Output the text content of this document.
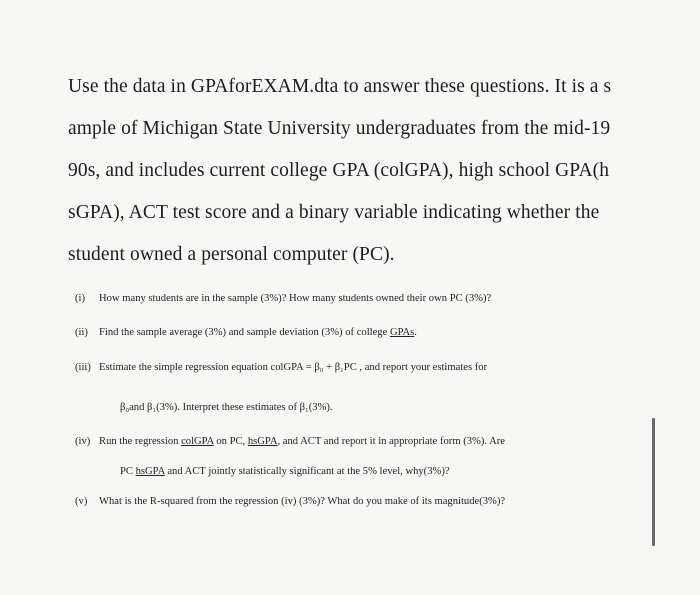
Use the data in GPAforEXAM.dta to answer these questions. It is a s
ample of Michigan State University undergraduates from the mid-19
90s, and includes current college GPA (colGPA), high school GPA(h
sGPA), ACT test score and a binary variable indicating whether the
student owned a personal computer (PC).
(i) How many students are in the sample (3%)? How many students owned their own PC (3%)?
(ii) Find the sample average (3%) and sample deviation (3%) of college GPAs.
(iii) Estimate the simple regression equation colGPA = β₀ + β₁PC , and report your estimates for
β₀and β₁(3%). Interpret these estimates of β₁(3%).
(iv) Run the regression colGPA on PC, hsGPA, and ACT and report it in appropriate form (3%). Are
PC hsGPA and ACT jointly statistically significant at the 5% level, why(3%)?
(v) What is the R-squared from the regression (iv) (3%)? What do you make of its magnitude(3%)?
